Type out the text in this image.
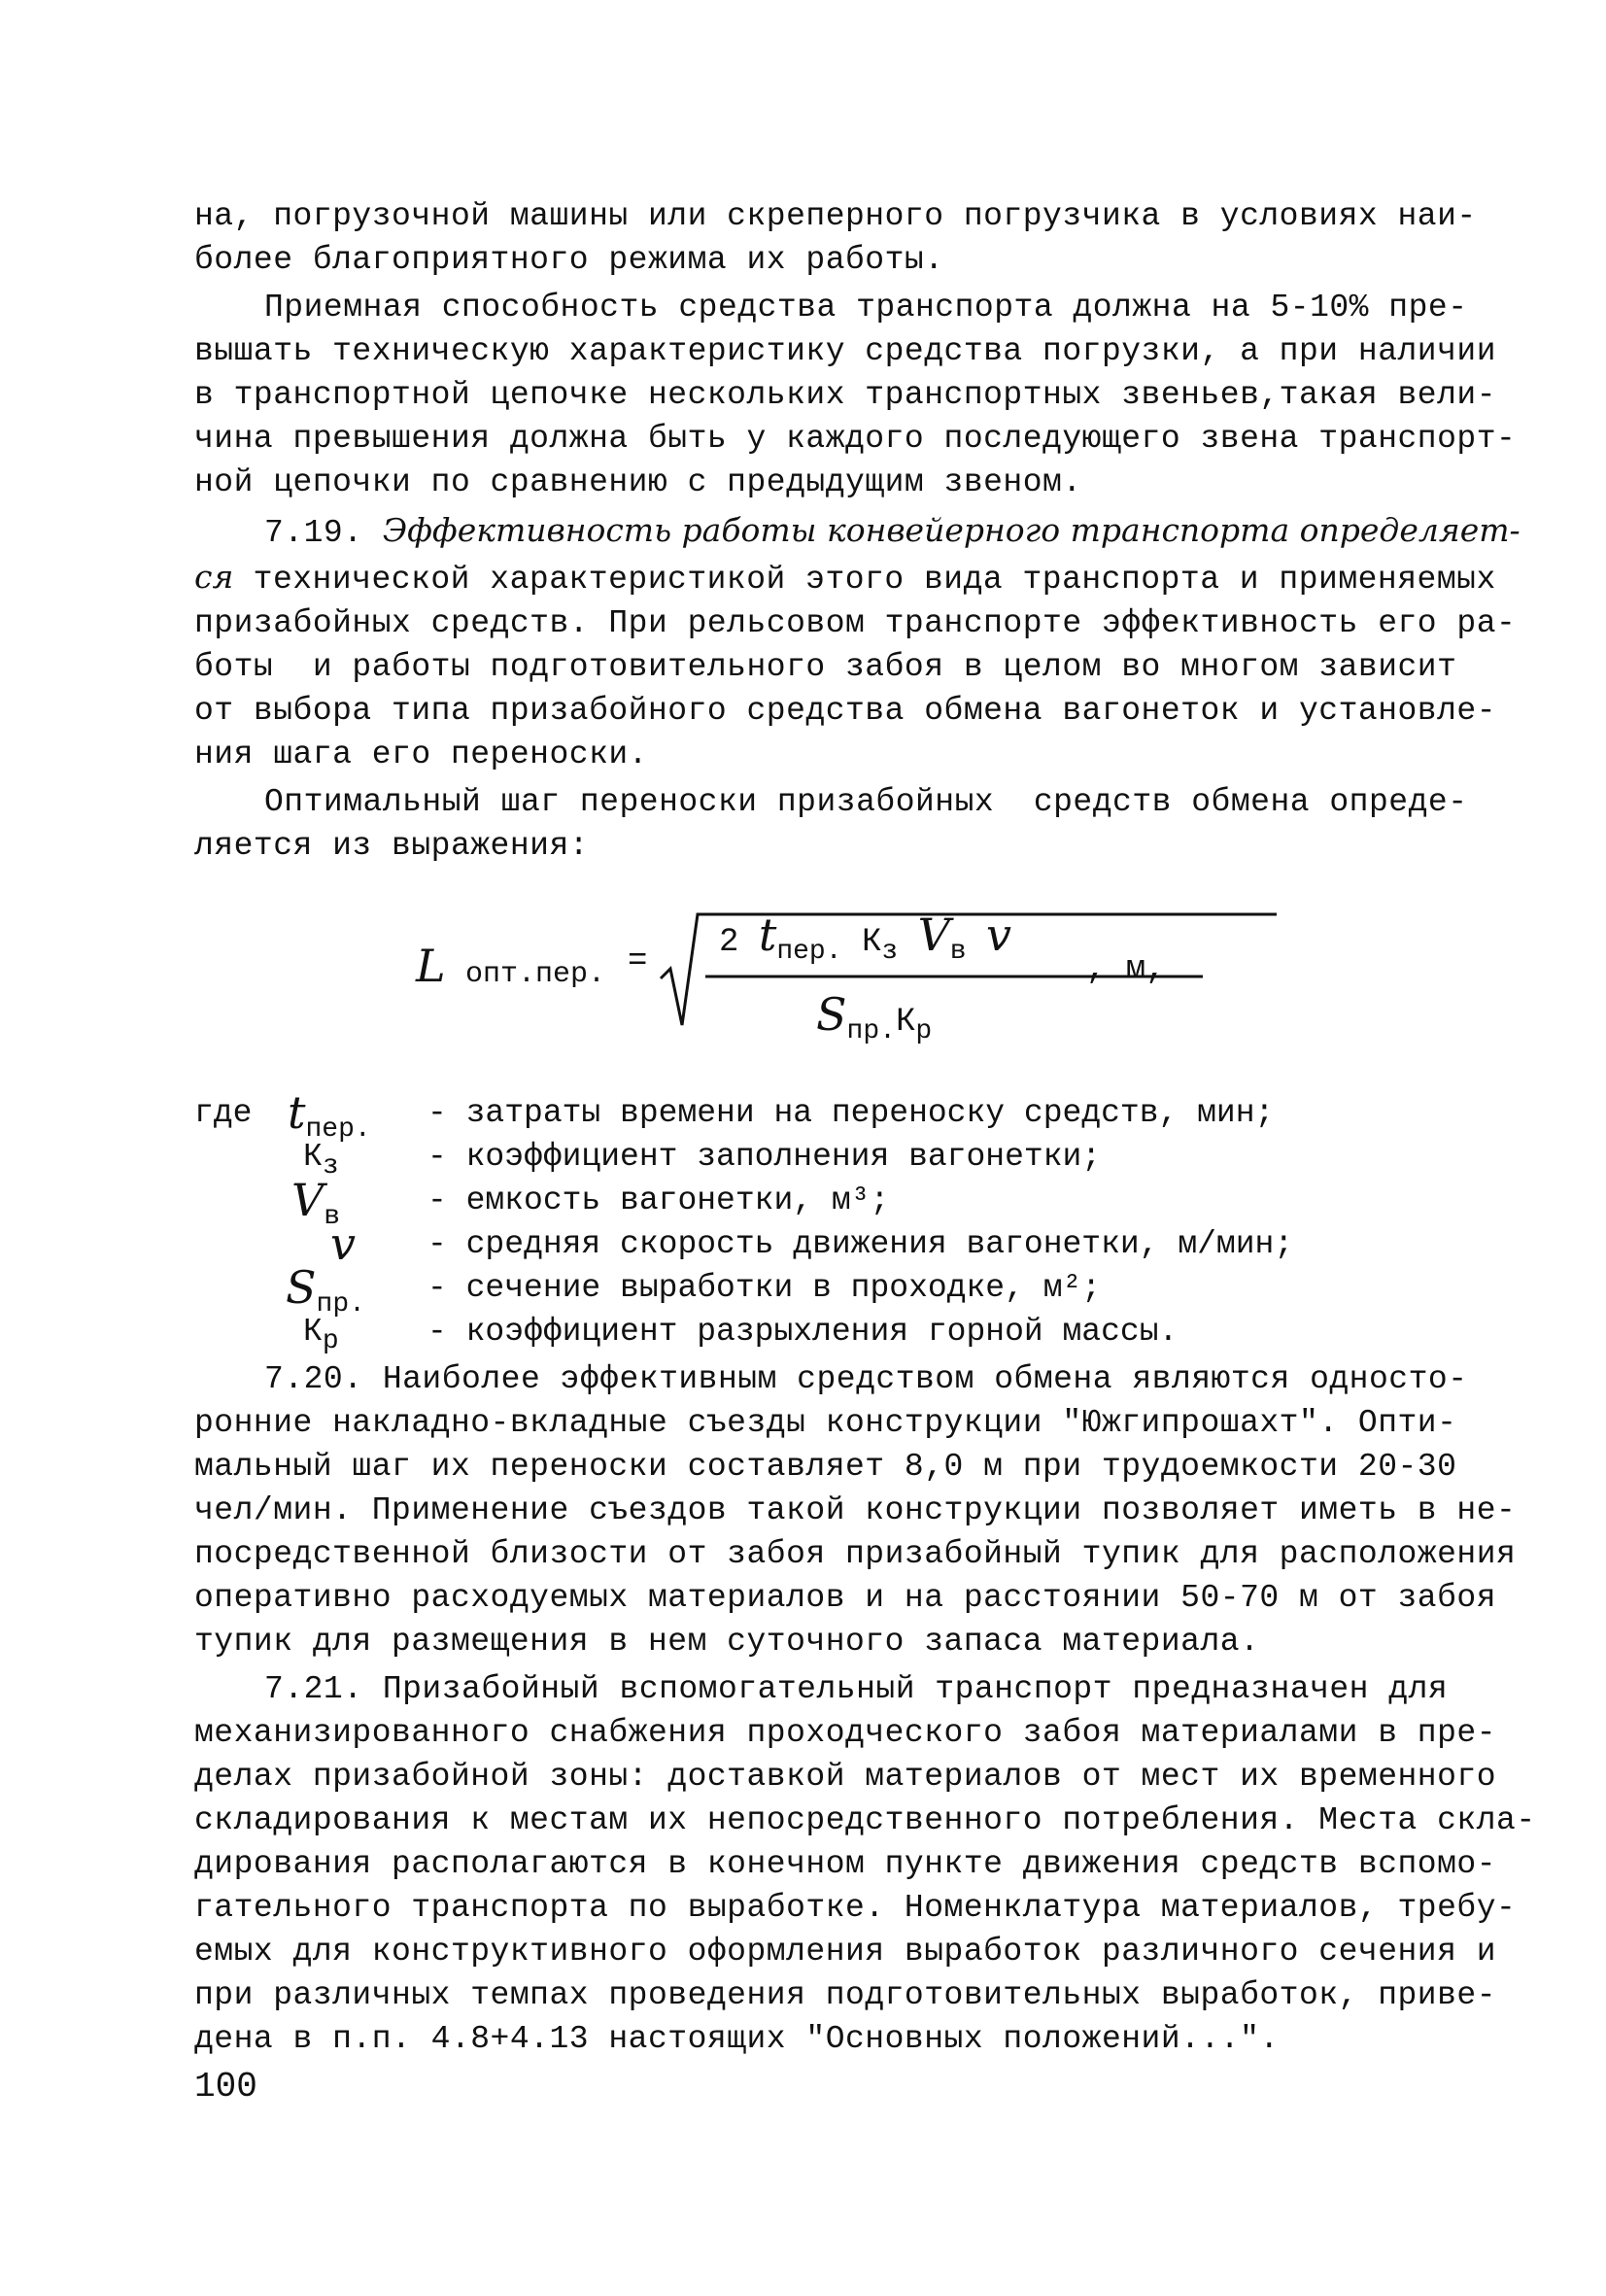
на, погрузочной машины или скреперного погрузчика в условиях наи-
более благоприятного режима их работы.
Приемная способность средства транспорта должна на 5-10% пре-
вышать техническую характеристику средства погрузки, а при наличии
в транспортной цепочке нескольких транспортных звеньев,такая вели-
чина превышения должна быть у каждого последующего звена транспорт-
ной цепочки по сравнению с предыдущим звеном.
7.19. Эффективность работы конвейерного транспорта определяет-
ся технической характеристикой этого вида транспорта и применяемых
призабойных средств. При рельсовом транспорте эффективность его ра-
боты  и работы подготовительного забоя в целом во многом зависит
от выбора типа призабойного средства обмена вагонеток и установле-
ния шага его переноски.
Оптимальный шаг переноски призабойных  средств обмена опреде-
ляется из выражения:
L опт.пер. =
2 $t_{пер.}$ $К_з$ $V_в$ v
$S_{пр.}К_р$
, м,

где

$t_{пер.}$

- затраты времени на переноску средств, мин;

$К_з$

	- коэффициент заполнения вагонетки;

$V_в$

	- емкость вагонетки, м³;

v

- средняя скорость движения вагонетки, м/мин;

$S_{пр.}$

- сечение выработки в проходке, м²;

$К_р$

	- коэффициент разрыхления горной массы.

7.20. Наиболее эффективным средством обмена являются односто-
ронние накладно-вкладные съезды конструкции "Южгипрошахт". Опти-
мальный шаг их переноски составляет 8,0 м при трудоемкости 20-30
чел/мин. Применение съездов такой конструкции позволяет иметь в не-
посредственной близости от забоя призабойный тупик для расположения
оперативно расходуемых материалов и на расстоянии 50-70 м от забоя
тупик для размещения в нем суточного запаса материала.
7.21. Призабойный вспомогательный транспорт предназначен для
механизированного снабжения проходческого забоя материалами в пре-
делах призабойной зоны: доставкой материалов от мест их временного
складирования к местам их непосредственного потребления. Места скла-
дирования располагаются в конечном пункте движения средств вспомо-
гательного транспорта по выработке. Номенклатура материалов, требу-
емых для конструктивного оформления выработок различного сечения и
при различных темпах проведения подготовительных выработок, приве-
дена в п.п. 4.8+4.13 настоящих "Основных положений...".
100
